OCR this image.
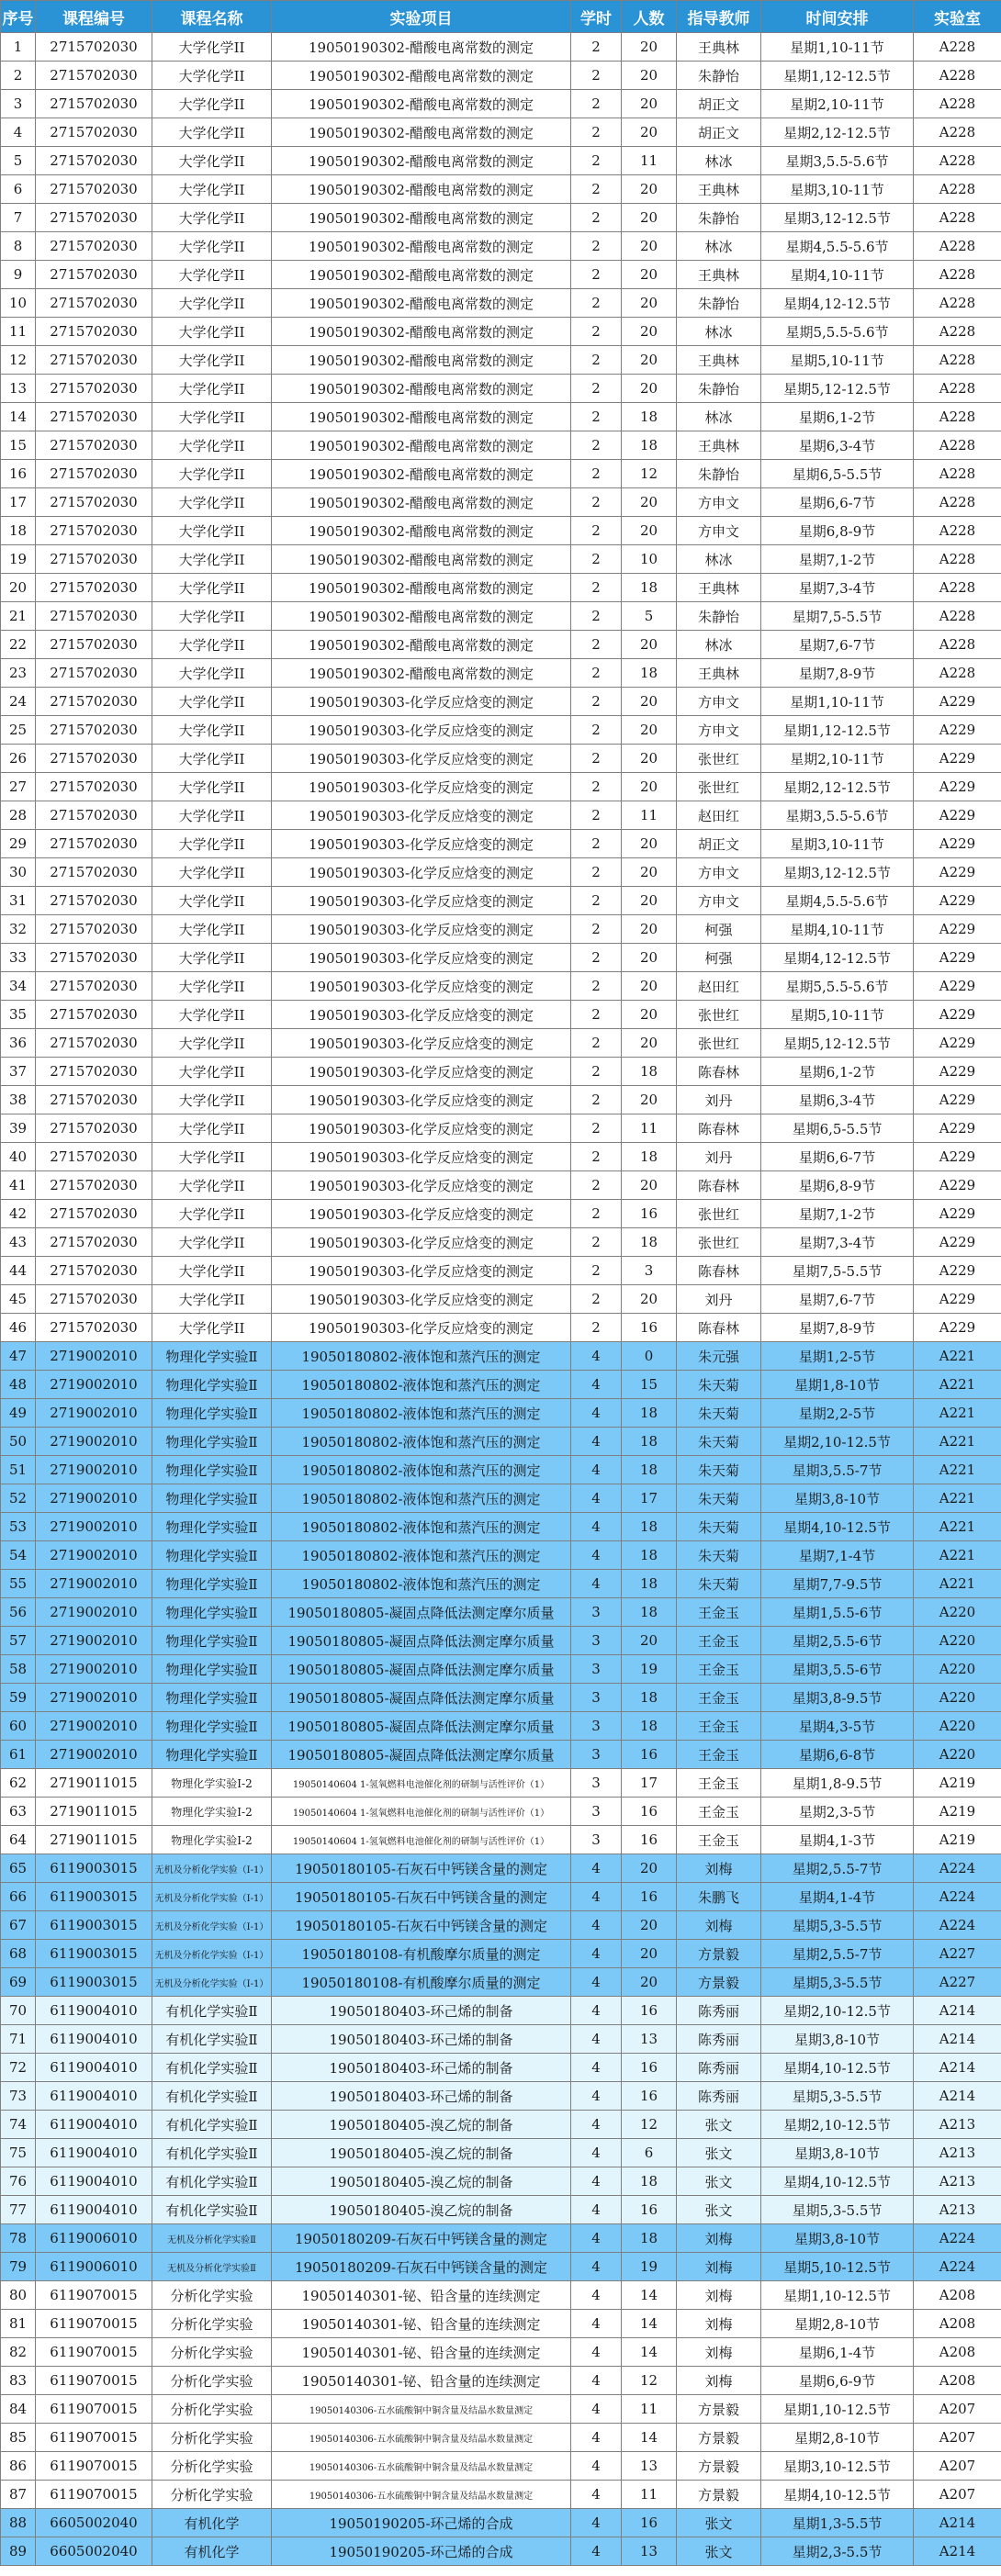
序号	课程编号	课程名称	实验项目	学时	人数	指导教师	时间安排	实验室
1	2715702030	大学化学II	19050190302-醋酸电离常数的测定	2	20	王典林	星期1,10-11节	A228
2	2715702030	大学化学II	19050190302-醋酸电离常数的测定	2	20	朱静怡	星期1,12-12.5节	A228
3	2715702030	大学化学II	19050190302-醋酸电离常数的测定	2	20	胡正文	星期2,10-11节	A228
4	2715702030	大学化学II	19050190302-醋酸电离常数的测定	2	20	胡正文	星期2,12-12.5节	A228
5	2715702030	大学化学II	19050190302-醋酸电离常数的测定	2	11	林冰	星期3,5.5-5.6节	A228
6	2715702030	大学化学II	19050190302-醋酸电离常数的测定	2	20	王典林	星期3,10-11节	A228
7	2715702030	大学化学II	19050190302-醋酸电离常数的测定	2	20	朱静怡	星期3,12-12.5节	A228
8	2715702030	大学化学II	19050190302-醋酸电离常数的测定	2	20	林冰	星期4,5.5-5.6节	A228
9	2715702030	大学化学II	19050190302-醋酸电离常数的测定	2	20	王典林	星期4,10-11节	A228
10	2715702030	大学化学II	19050190302-醋酸电离常数的测定	2	20	朱静怡	星期4,12-12.5节	A228
11	2715702030	大学化学II	19050190302-醋酸电离常数的测定	2	20	林冰	星期5,5.5-5.6节	A228
12	2715702030	大学化学II	19050190302-醋酸电离常数的测定	2	20	王典林	星期5,10-11节	A228
13	2715702030	大学化学II	19050190302-醋酸电离常数的测定	2	20	朱静怡	星期5,12-12.5节	A228
14	2715702030	大学化学II	19050190302-醋酸电离常数的测定	2	18	林冰	星期6,1-2节	A228
15	2715702030	大学化学II	19050190302-醋酸电离常数的测定	2	18	王典林	星期6,3-4节	A228
16	2715702030	大学化学II	19050190302-醋酸电离常数的测定	2	12	朱静怡	星期6,5-5.5节	A228
17	2715702030	大学化学II	19050190302-醋酸电离常数的测定	2	20	方申文	星期6,6-7节	A228
18	2715702030	大学化学II	19050190302-醋酸电离常数的测定	2	20	方申文	星期6,8-9节	A228
19	2715702030	大学化学II	19050190302-醋酸电离常数的测定	2	10	林冰	星期7,1-2节	A228
20	2715702030	大学化学II	19050190302-醋酸电离常数的测定	2	18	王典林	星期7,3-4节	A228
21	2715702030	大学化学II	19050190302-醋酸电离常数的测定	2	5	朱静怡	星期7,5-5.5节	A228
22	2715702030	大学化学II	19050190302-醋酸电离常数的测定	2	20	林冰	星期7,6-7节	A228
23	2715702030	大学化学II	19050190302-醋酸电离常数的测定	2	18	王典林	星期7,8-9节	A228
24	2715702030	大学化学II	19050190303-化学反应焓变的测定	2	20	方申文	星期1,10-11节	A229
25	2715702030	大学化学II	19050190303-化学反应焓变的测定	2	20	方申文	星期1,12-12.5节	A229
26	2715702030	大学化学II	19050190303-化学反应焓变的测定	2	20	张世红	星期2,10-11节	A229
27	2715702030	大学化学II	19050190303-化学反应焓变的测定	2	20	张世红	星期2,12-12.5节	A229
28	2715702030	大学化学II	19050190303-化学反应焓变的测定	2	11	赵田红	星期3,5.5-5.6节	A229
29	2715702030	大学化学II	19050190303-化学反应焓变的测定	2	20	胡正文	星期3,10-11节	A229
30	2715702030	大学化学II	19050190303-化学反应焓变的测定	2	20	方申文	星期3,12-12.5节	A229
31	2715702030	大学化学II	19050190303-化学反应焓变的测定	2	20	方申文	星期4,5.5-5.6节	A229
32	2715702030	大学化学II	19050190303-化学反应焓变的测定	2	20	柯强	星期4,10-11节	A229
33	2715702030	大学化学II	19050190303-化学反应焓变的测定	2	20	柯强	星期4,12-12.5节	A229
34	2715702030	大学化学II	19050190303-化学反应焓变的测定	2	20	赵田红	星期5,5.5-5.6节	A229
35	2715702030	大学化学II	19050190303-化学反应焓变的测定	2	20	张世红	星期5,10-11节	A229
36	2715702030	大学化学II	19050190303-化学反应焓变的测定	2	20	张世红	星期5,12-12.5节	A229
37	2715702030	大学化学II	19050190303-化学反应焓变的测定	2	18	陈春林	星期6,1-2节	A229
38	2715702030	大学化学II	19050190303-化学反应焓变的测定	2	20	刘丹	星期6,3-4节	A229
39	2715702030	大学化学II	19050190303-化学反应焓变的测定	2	11	陈春林	星期6,5-5.5节	A229
40	2715702030	大学化学II	19050190303-化学反应焓变的测定	2	18	刘丹	星期6,6-7节	A229
41	2715702030	大学化学II	19050190303-化学反应焓变的测定	2	20	陈春林	星期6,8-9节	A229
42	2715702030	大学化学II	19050190303-化学反应焓变的测定	2	16	张世红	星期7,1-2节	A229
43	2715702030	大学化学II	19050190303-化学反应焓变的测定	2	18	张世红	星期7,3-4节	A229
44	2715702030	大学化学II	19050190303-化学反应焓变的测定	2	3	陈春林	星期7,5-5.5节	A229
45	2715702030	大学化学II	19050190303-化学反应焓变的测定	2	20	刘丹	星期7,6-7节	A229
46	2715702030	大学化学II	19050190303-化学反应焓变的测定	2	16	陈春林	星期7,8-9节	A229
47	2719002010	物理化学实验Ⅱ	19050180802-液体饱和蒸汽压的测定	4	0	朱元强	星期1,2-5节	A221
48	2719002010	物理化学实验Ⅱ	19050180802-液体饱和蒸汽压的测定	4	15	朱天菊	星期1,8-10节	A221
49	2719002010	物理化学实验Ⅱ	19050180802-液体饱和蒸汽压的测定	4	18	朱天菊	星期2,2-5节	A221
50	2719002010	物理化学实验Ⅱ	19050180802-液体饱和蒸汽压的测定	4	18	朱天菊	星期2,10-12.5节	A221
51	2719002010	物理化学实验Ⅱ	19050180802-液体饱和蒸汽压的测定	4	18	朱天菊	星期3,5.5-7节	A221
52	2719002010	物理化学实验Ⅱ	19050180802-液体饱和蒸汽压的测定	4	17	朱天菊	星期3,8-10节	A221
53	2719002010	物理化学实验Ⅱ	19050180802-液体饱和蒸汽压的测定	4	18	朱天菊	星期4,10-12.5节	A221
54	2719002010	物理化学实验Ⅱ	19050180802-液体饱和蒸汽压的测定	4	18	朱天菊	星期7,1-4节	A221
55	2719002010	物理化学实验Ⅱ	19050180802-液体饱和蒸汽压的测定	4	18	朱天菊	星期7,7-9.5节	A221
56	2719002010	物理化学实验Ⅱ	19050180805-凝固点降低法测定摩尔质量	3	18	王金玉	星期1,5.5-6节	A220
57	2719002010	物理化学实验Ⅱ	19050180805-凝固点降低法测定摩尔质量	3	20	王金玉	星期2,5.5-6节	A220
58	2719002010	物理化学实验Ⅱ	19050180805-凝固点降低法测定摩尔质量	3	19	王金玉	星期3,5.5-6节	A220
59	2719002010	物理化学实验Ⅱ	19050180805-凝固点降低法测定摩尔质量	3	18	王金玉	星期3,8-9.5节	A220
60	2719002010	物理化学实验Ⅱ	19050180805-凝固点降低法测定摩尔质量	3	18	王金玉	星期4,3-5节	A220
61	2719002010	物理化学实验Ⅱ	19050180805-凝固点降低法测定摩尔质量	3	16	王金玉	星期6,6-8节	A220
62	2719011015	物理化学实验Ⅰ-2	19050140604 1-氢氧燃料电池催化剂的研制与活性评价（1）	3	17	王金玉	星期1,8-9.5节	A219
63	2719011015	物理化学实验Ⅰ-2	19050140604 1-氢氧燃料电池催化剂的研制与活性评价（1）	3	16	王金玉	星期2,3-5节	A219
64	2719011015	物理化学实验Ⅰ-2	19050140604 1-氢氧燃料电池催化剂的研制与活性评价（1）	3	16	王金玉	星期4,1-3节	A219
65	6119003015	无机及分析化学实验（Ⅰ-1）	19050180105-石灰石中钙镁含量的测定	4	20	刘梅	星期2,5.5-7节	A224
66	6119003015	无机及分析化学实验（Ⅰ-1）	19050180105-石灰石中钙镁含量的测定	4	16	朱鹏飞	星期4,1-4节	A224
67	6119003015	无机及分析化学实验（Ⅰ-1）	19050180105-石灰石中钙镁含量的测定	4	20	刘梅	星期5,3-5.5节	A224
68	6119003015	无机及分析化学实验（Ⅰ-1）	19050180108-有机酸摩尔质量的测定	4	20	方景毅	星期2,5.5-7节	A227
69	6119003015	无机及分析化学实验（Ⅰ-1）	19050180108-有机酸摩尔质量的测定	4	20	方景毅	星期5,3-5.5节	A227
70	6119004010	有机化学实验Ⅱ	19050180403-环己烯的制备	4	16	陈秀丽	星期2,10-12.5节	A214
71	6119004010	有机化学实验Ⅱ	19050180403-环己烯的制备	4	13	陈秀丽	星期3,8-10节	A214
72	6119004010	有机化学实验Ⅱ	19050180403-环己烯的制备	4	16	陈秀丽	星期4,10-12.5节	A214
73	6119004010	有机化学实验Ⅱ	19050180403-环己烯的制备	4	16	陈秀丽	星期5,3-5.5节	A214
74	6119004010	有机化学实验Ⅱ	19050180405-溴乙烷的制备	4	12	张文	星期2,10-12.5节	A213
75	6119004010	有机化学实验Ⅱ	19050180405-溴乙烷的制备	4	6	张文	星期3,8-10节	A213
76	6119004010	有机化学实验Ⅱ	19050180405-溴乙烷的制备	4	18	张文	星期4,10-12.5节	A213
77	6119004010	有机化学实验Ⅱ	19050180405-溴乙烷的制备	4	16	张文	星期5,3-5.5节	A213
78	6119006010	无机及分析化学实验Ⅱ	19050180209-石灰石中钙镁含量的测定	4	18	刘梅	星期3,8-10节	A224
79	6119006010	无机及分析化学实验Ⅱ	19050180209-石灰石中钙镁含量的测定	4	19	刘梅	星期5,10-12.5节	A224
80	6119070015	分析化学实验	19050140301-铋、铅含量的连续测定	4	14	刘梅	星期1,10-12.5节	A208
81	6119070015	分析化学实验	19050140301-铋、铅含量的连续测定	4	14	刘梅	星期2,8-10节	A208
82	6119070015	分析化学实验	19050140301-铋、铅含量的连续测定	4	14	刘梅	星期6,1-4节	A208
83	6119070015	分析化学实验	19050140301-铋、铅含量的连续测定	4	12	刘梅	星期6,6-9节	A208
84	6119070015	分析化学实验	19050140306-五水硫酸铜中铜含量及结晶水数量测定	4	11	方景毅	星期1,10-12.5节	A207
85	6119070015	分析化学实验	19050140306-五水硫酸铜中铜含量及结晶水数量测定	4	14	方景毅	星期2,8-10节	A207
86	6119070015	分析化学实验	19050140306-五水硫酸铜中铜含量及结晶水数量测定	4	13	方景毅	星期3,10-12.5节	A207
87	6119070015	分析化学实验	19050140306-五水硫酸铜中铜含量及结晶水数量测定	4	11	方景毅	星期4,10-12.5节	A207
88	6605002040	有机化学	19050190205-环己烯的合成	4	16	张文	星期1,3-5.5节	A214
89	6605002040	有机化学	19050190205-环己烯的合成	4	13	张文	星期2,3-5.5节	A214
